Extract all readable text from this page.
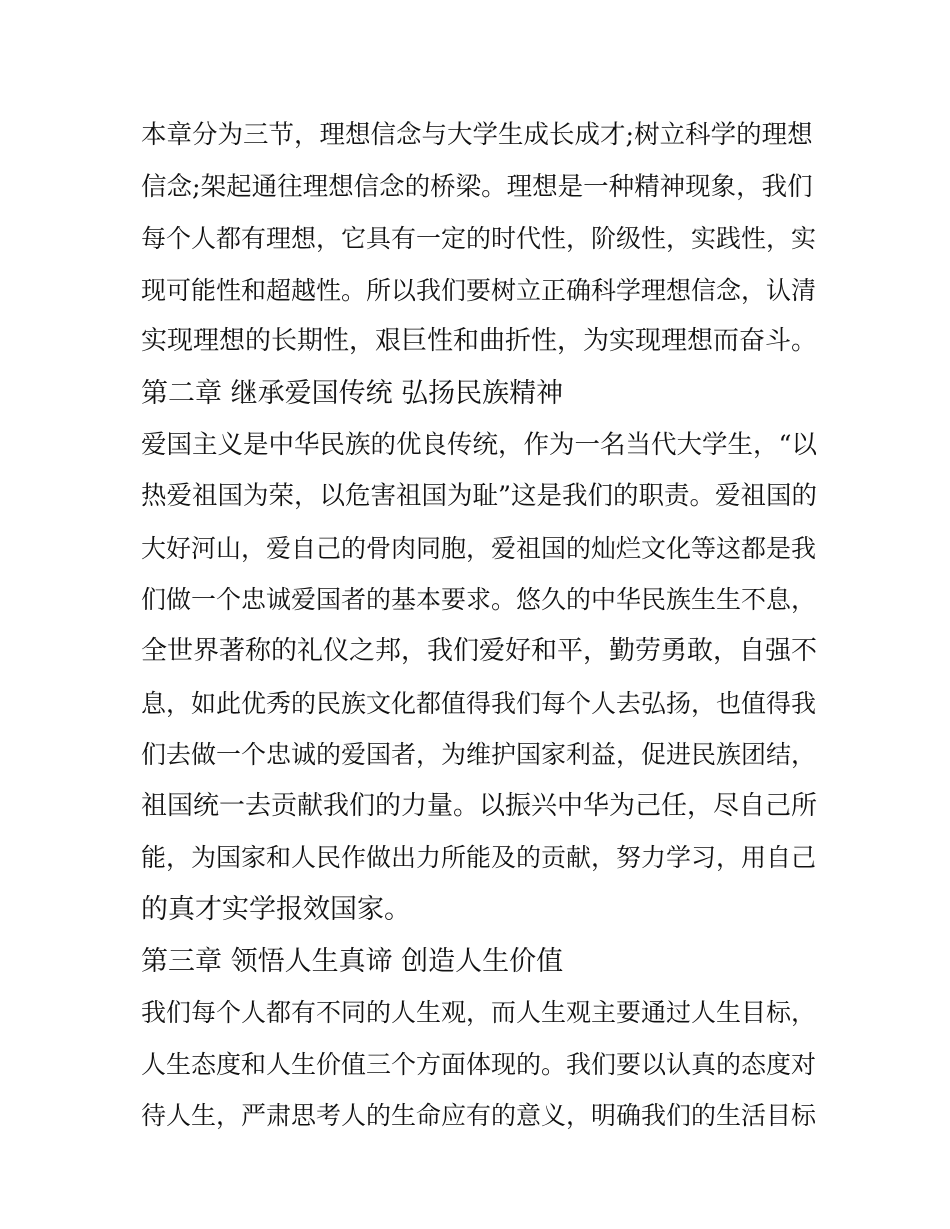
本章分为三节，理想信念与大学生成长成才;树立科学的理想
信念;架起通往理想信念的桥梁。理想是一种精神现象，我们
每个人都有理想，它具有一定的时代性，阶级性，实践性，实
现可能性和超越性。所以我们要树立正确科学理想信念，认清
实现理想的长期性，艰巨性和曲折性，为实现理想而奋斗。
第二章 继承爱国传统 弘扬民族精神
爱国主义是中华民族的优良传统，作为一名当代大学生，“以
热爱祖国为荣，以危害祖国为耻”这是我们的职责。爱祖国的
大好河山，爱自己的骨肉同胞，爱祖国的灿烂文化等这都是我
们做一个忠诚爱国者的基本要求。悠久的中华民族生生不息，
全世界著称的礼仪之邦，我们爱好和平，勤劳勇敢，自强不
息，如此优秀的民族文化都值得我们每个人去弘扬，也值得我
们去做一个忠诚的爱国者，为维护国家利益，促进民族团结，
祖国统一去贡献我们的力量。以振兴中华为己任，尽自己所
能，为国家和人民作做出力所能及的贡献，努力学习，用自己
的真才实学报效国家。
第三章 领悟人生真谛 创造人生价值
我们每个人都有不同的人生观，而人生观主要通过人生目标，
人生态度和人生价值三个方面体现的。我们要以认真的态度对
待人生，严肃思考人的生命应有的意义，明确我们的生活目标
